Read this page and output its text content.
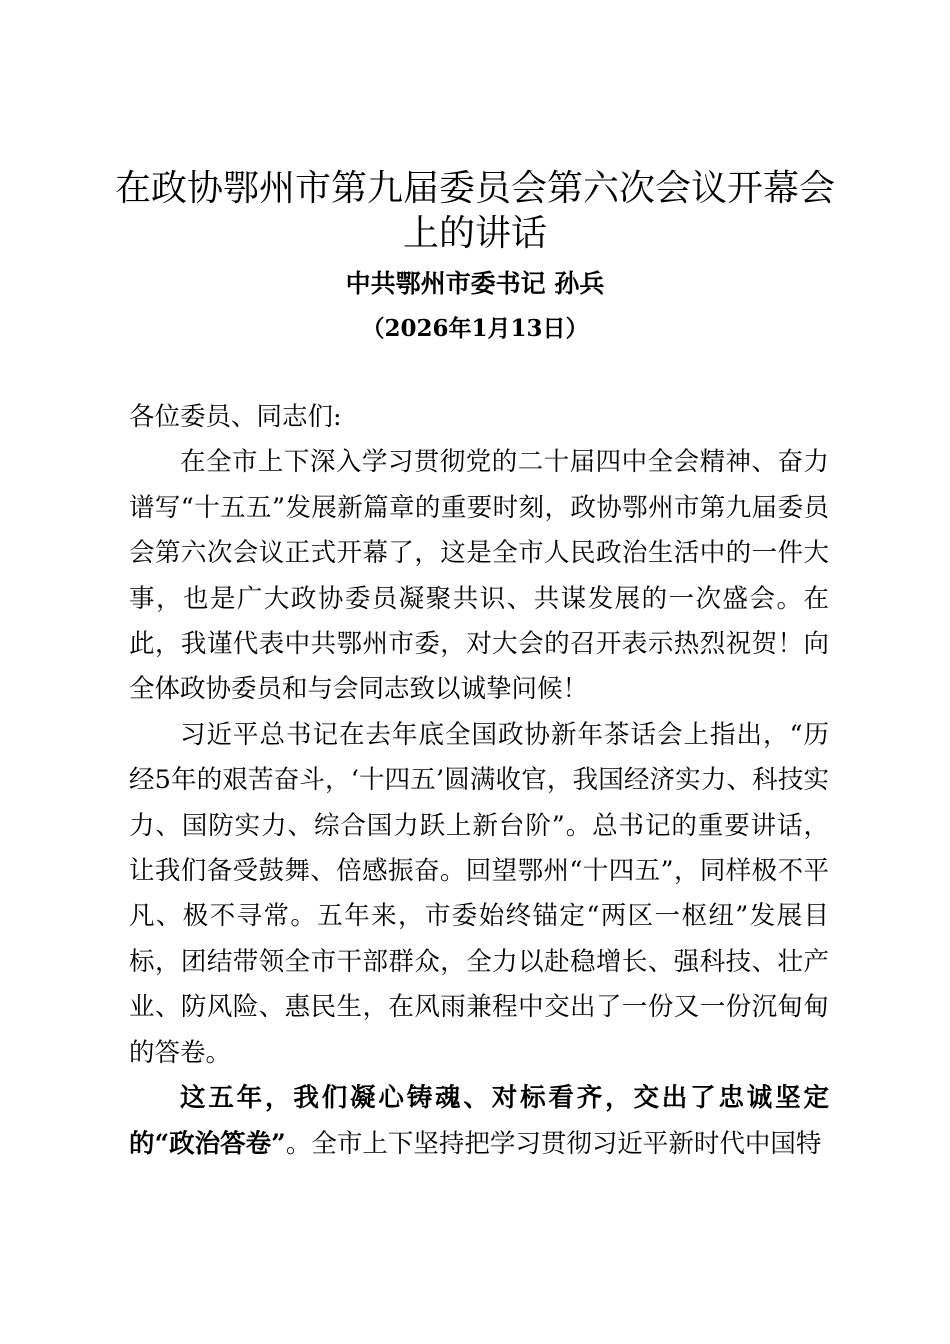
在政协鄂州市第九届委员会第六次会议开幕会上的讲话
中共鄂州市委书记 孙兵
（2026年1月13日）

各位委员、同志们:

在全市上下深入学习贯彻党的二十届四中全会精神、奋力谱写“十五五”发展新篇章的重要时刻，政协鄂州市第九届委员会第六次会议正式开幕了，这是全市人民政治生活中的一件大事，也是广大政协委员凝聚共识、共谋发展的一次盛会。在此，我谨代表中共鄂州市委，对大会的召开表示热烈祝贺！向全体政协委员和与会同志致以诚挚问候！

习近平总书记在去年底全国政协新年茶话会上指出，“历经5年的艰苦奋斗，‘十四五’圆满收官，我国经济实力、科技实力、国防实力、综合国力跃上新台阶”。总书记的重要讲话，让我们备受鼓舞、倍感振奋。回望鄂州“十四五”，同样极不平凡、极不寻常。五年来，市委始终锚定“两区一枢纽”发展目标，团结带领全市干部群众，全力以赴稳增长、强科技、壮产业、防风险、惠民生，在风雨兼程中交出了一份又一份沉甸甸的答卷。

这五年，我们凝心铸魂、对标看齐，交出了忠诚坚定的“政治答卷”。全市上下坚持把学习贯彻习近平新时代中国特
